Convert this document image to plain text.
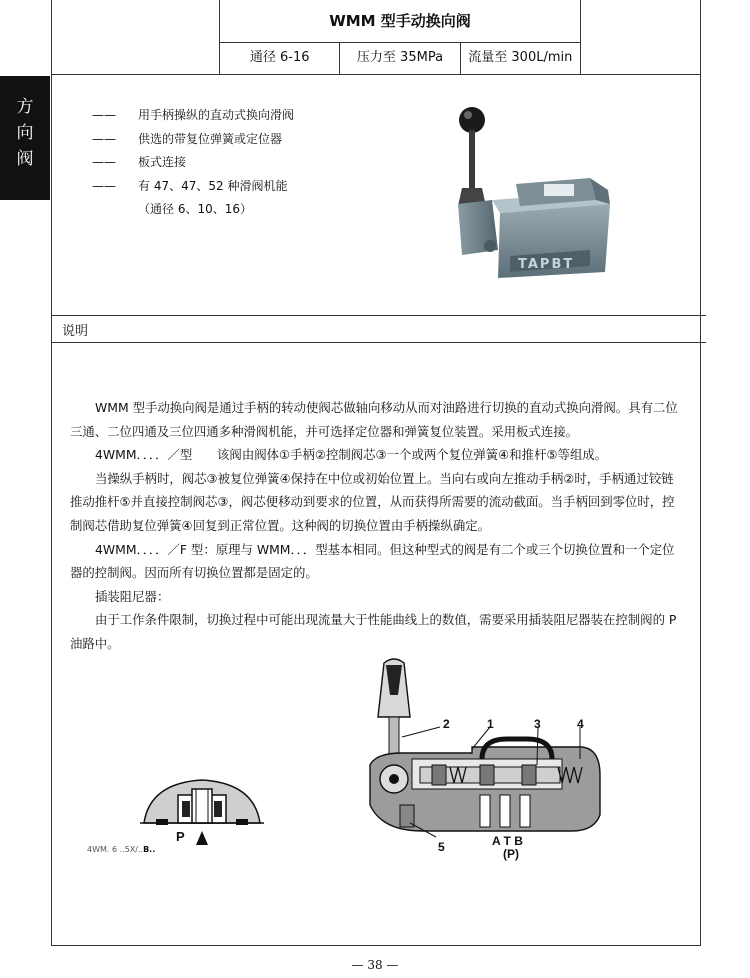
WMM 型手动换向阀
通径 6-16	压力至 35MPa	流量至 300L/min
方
向
阀
——	用手柄操纵的直动式换向滑阀
——	供选的带复位弹簧或定位器
——	板式连接
——	有 47、47、52 种滑阀机能
（通径 6、10、16）
TAPBT
说明

WMM 型手动换向阀是通过手柄的转动使阀芯做轴向移动从而对油路进行切换的直动式换向滑阀。具有二位三通、二位四通及三位四通多种滑阀机能，并可选择定位器和弹簧复位装置。采用板式连接。

4WMM．．．．／型　　该阀由阀体①手柄②控制阀芯③一个或两个复位弹簧④和推杆⑤等组成。

当操纵手柄时，阀芯③被复位弹簧④保持在中位或初始位置上。当向右或向左推动手柄②时，手柄通过铰链推动推杆⑤并直接控制阀芯③，阀芯便移动到要求的位置，从而获得所需要的流动截面。当手柄回到零位时，控制阀芯借助复位弹簧④回复到正常位置。这种阀的切换位置由手柄操纵确定。

4WMM．．．．／F 型：原理与 WMM．．．型基本相同。但这种型式的阀是有二个或三个切换位置和一个定位器的控制阀。因而所有切换位置都是固定的。

插装阻尼器：

由于工作条件限制，切换过程中可能出现流量大于性能曲线上的数值，需要采用插装阻尼器装在控制阀的 P 油路中。

P
4WM. 6 ..5X/..B..
2	1	3	4
5	A T B
(P)
— 38 —
